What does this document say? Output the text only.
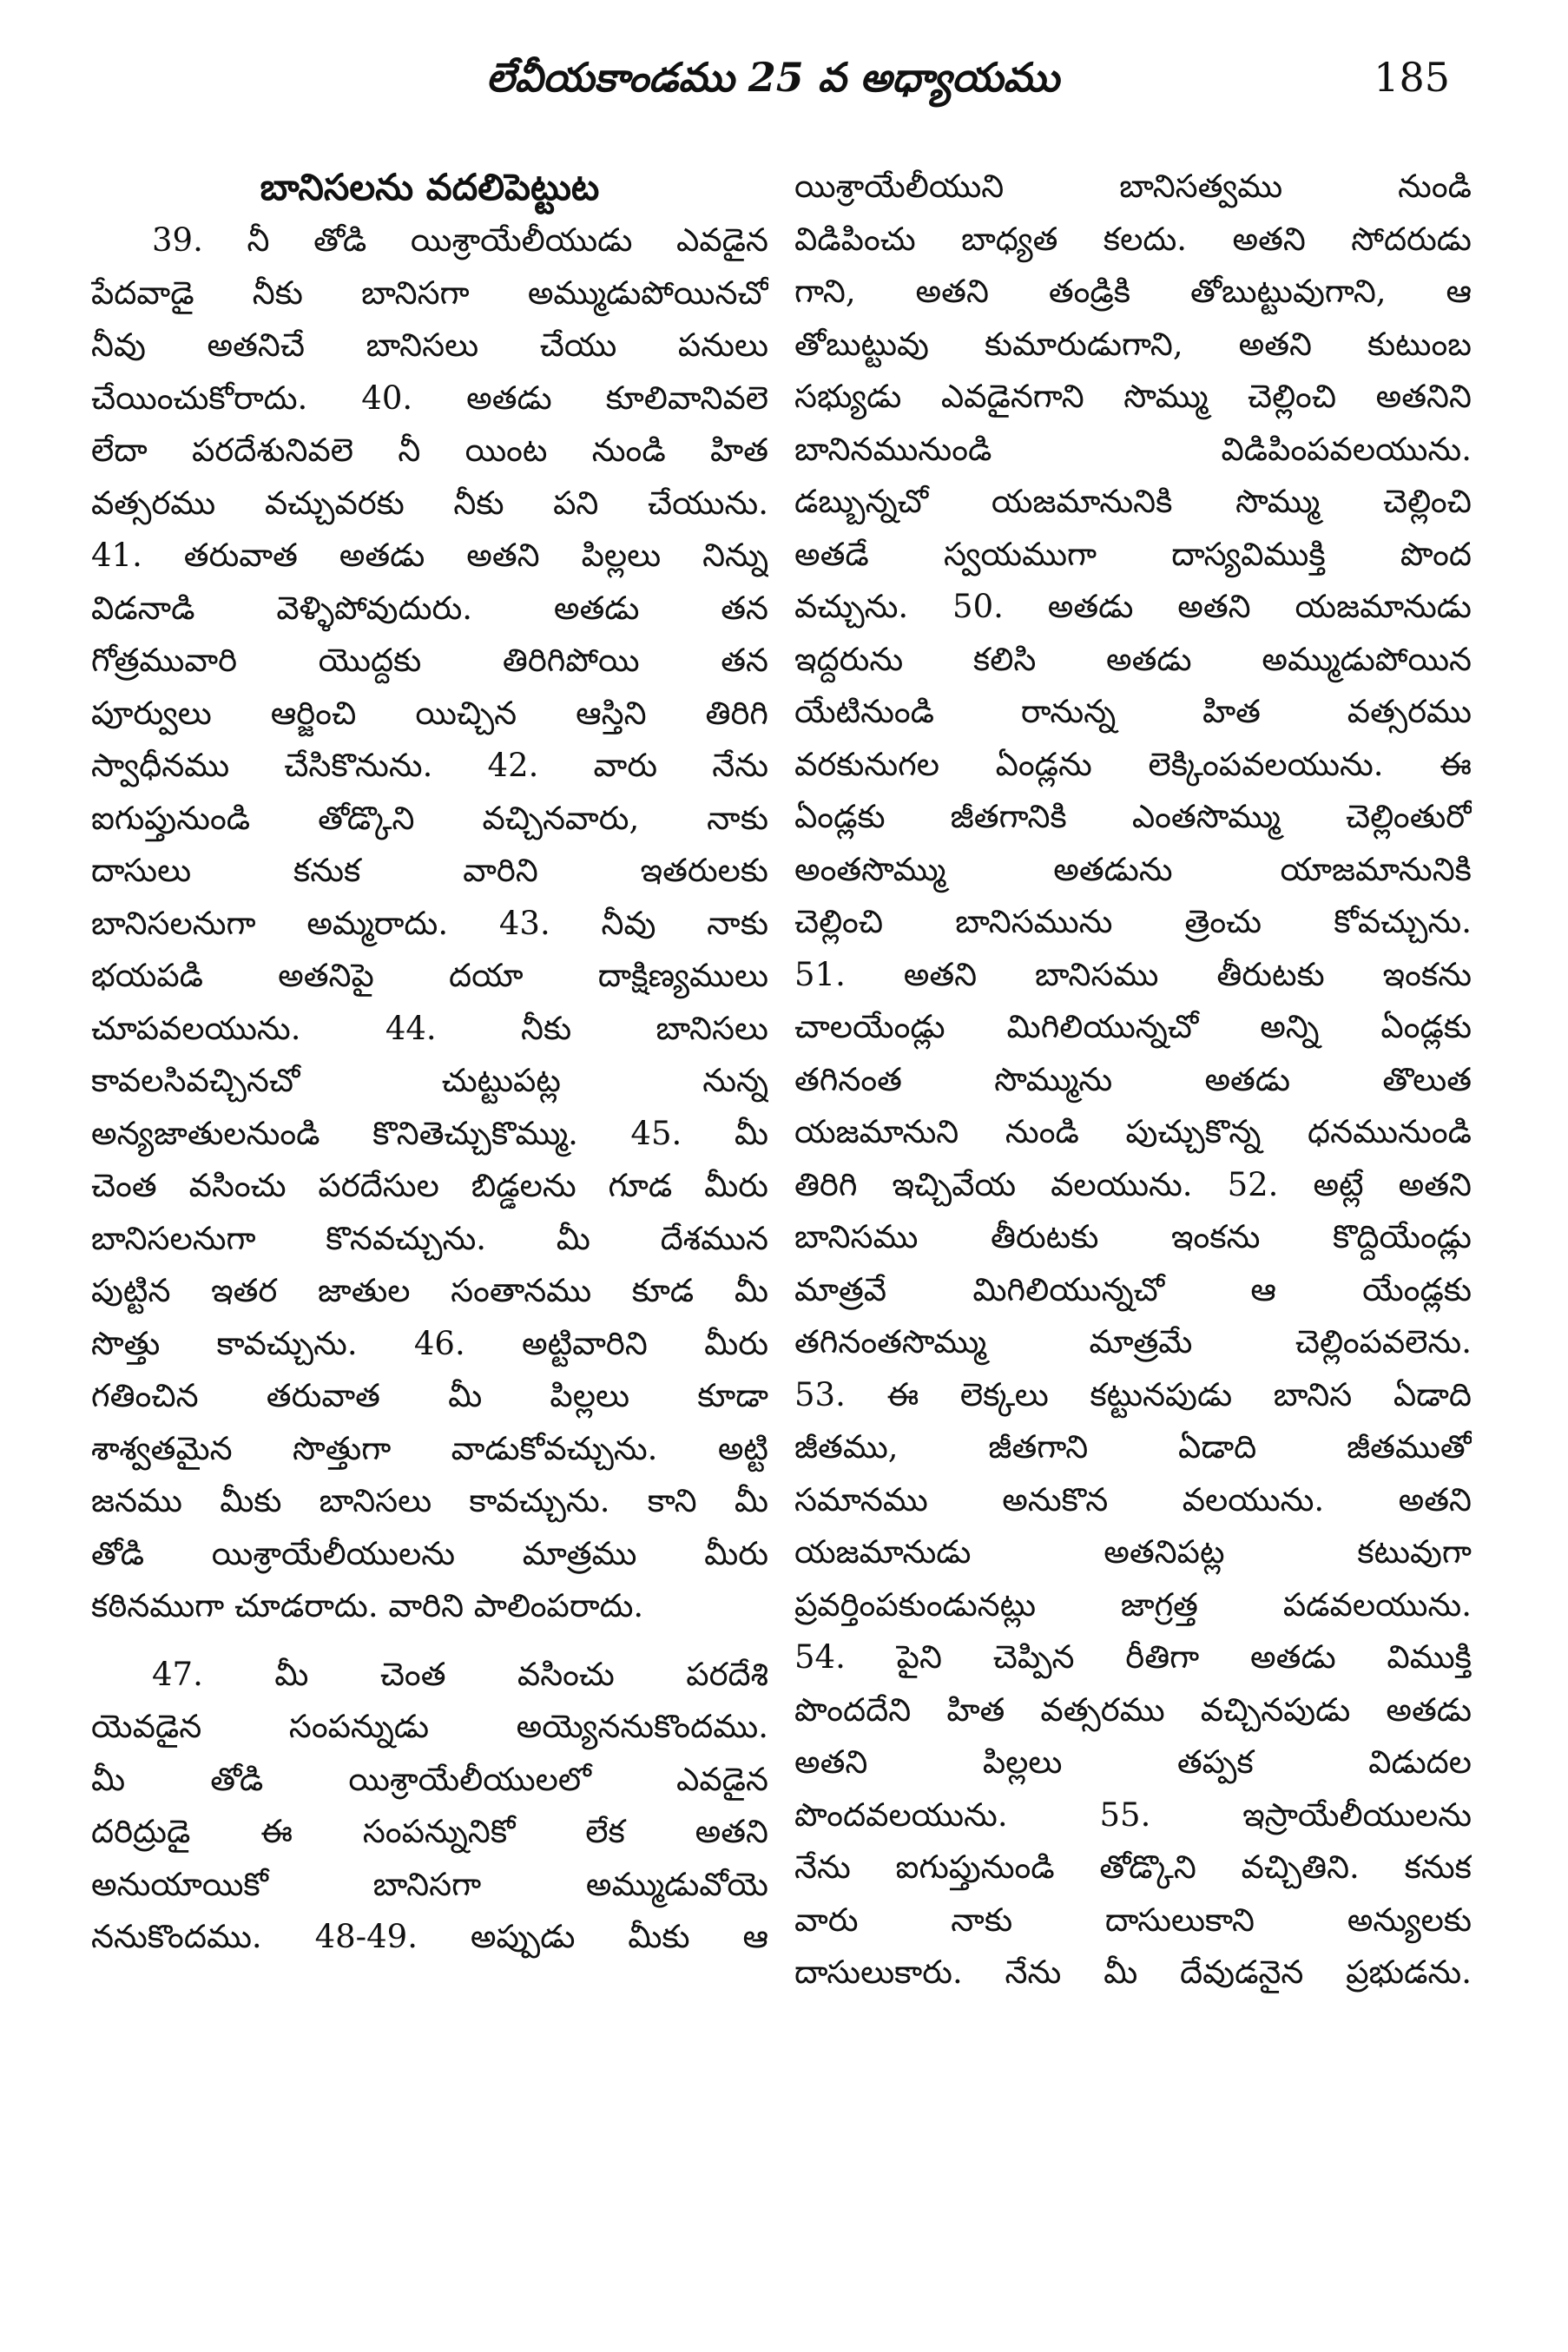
లేవీయకాండము 25 వ అధ్యాయము	185
బానిసలను వదలిపెట్టుట
39. నీ తోడి యిశ్రాయేలీయుడు ఎవడైన
పేదవాడై నీకు బానిసగా అమ్ముడుపోయినచో
నీవు అతనిచే బానిసలు చేయు పనులు
చేయించుకోరాదు. 40. అతడు కూలివానివలె
లేదా పరదేశునివలె నీ యింట నుండి హిత
వత్సరము వచ్చువరకు నీకు పని చేయును.
41. తరువాత అతడు అతని పిల్లలు నిన్ను
విడనాడి వెళ్ళిపోవుదురు. అతడు తన
గోత్రమువారి యొద్దకు తిరిగిపోయి తన
పూర్వులు ఆర్జించి యిచ్చిన ఆస్తిని తిరిగి
స్వాధీనము చేసికొనును. 42. వారు నేను
ఐగుప్తునుండి తోడ్కొని వచ్చినవారు, నాకు
దాసులు కనుక వారిని ఇతరులకు
బానిసలనుగా అమ్మరాదు. 43. నీవు నాకు
భయపడి అతనిపై దయా దాక్షిణ్యములు
చూపవలయును. 44. నీకు బానిసలు
కావలసివచ్చినచో చుట్టుపట్ల నున్న
అన్యజాతులనుండి కొనితెచ్చుకొమ్ము. 45. మీ
చెంత వసించు పరదేసుల బిడ్డలను గూడ మీరు
బానిసలనుగా కొనవచ్చును. మీ దేశమున
పుట్టిన ఇతర జాతుల సంతానము కూడ మీ
సొత్తు కావచ్చును. 46. అట్టివారిని మీరు
గతించిన తరువాత మీ పిల్లలు కూడా
శాశ్వతమైన సొత్తుగా వాడుకోవచ్చును. అట్టి
జనము మీకు బానిసలు కావచ్చును. కాని మీ
తోడి యిశ్రాయేలీయులను మాత్రము మీరు
కఠినముగా చూడరాదు. వారిని పాలింపరాదు.
47. మీ చెంత వసించు పరదేశి
యెవడైన సంపన్నుడు అయ్యెననుకొందము.
మీ తోడి యిశ్రాయేలీయులలో ఎవడైన
దరిద్రుడై ఈ సంపన్నునికో లేక అతని
అనుయాయికో బానిసగా అమ్ముడువోయె
ననుకొందము. 48-49. అప్పుడు మీకు ఆ
యిశ్రాయేలీయుని బానిసత్వము నుండి
విడిపించు బాధ్యత కలదు. అతని సోదరుడు
గాని, అతని తండ్రికి తోబుట్టువుగాని, ఆ
తోబుట్టువు కుమారుడుగాని, అతని కుటుంబ
సభ్యుడు ఎవడైనగాని సొమ్ము చెల్లించి అతనిని
బానినమునుండి విడిపింపవలయును.
డబ్బున్నచో యజమానునికి సొమ్ము చెల్లించి
అతడే స్వయముగా దాస్యవిముక్తి పొంద
వచ్చును. 50. అతడు అతని యజమానుడు
ఇద్దరును కలిసి అతడు అమ్ముడుపోయిన
యేటినుండి రానున్న హిత వత్సరము
వరకునుగల ఏండ్లను లెక్కింపవలయును. ఈ
ఏండ్లకు జీతగానికి ఎంతసొమ్ము చెల్లింతురో
అంతసొమ్ము అతడును యాజమానునికి
చెల్లించి బానిసమును త్రెంచు కోవచ్చును.
51. అతని బానిసము తీరుటకు ఇంకను
చాలయేండ్లు మిగిలియున్నచో అన్ని ఏండ్లకు
తగినంత సొమ్మును అతడు తొలుత
యజమానుని నుండి పుచ్చుకొన్న ధనమునుండి
తిరిగి ఇచ్చివేయ వలయును. 52. అట్లే అతని
బానిసము తీరుటకు ఇంకను కొద్దియేండ్లు
మాత్రవే మిగిలియున్నచో ఆ యేండ్లకు
తగినంతసొమ్ము మాత్రమే చెల్లింపవలెను.
53. ఈ లెక్కలు కట్టునపుడు బానిస ఏడాది
జీతము, జీతగాని ఏడాది జీతముతో
సమానము అనుకొన వలయును. అతని
యజమానుడు అతనిపట్ల కటువుగా
ప్రవర్తింపకుండునట్లు జాగ్రత్త పడవలయును.
54. పైని చెప్పిన రీతిగా అతడు విముక్తి
పొందదేని హిత వత్సరము వచ్చినపుడు అతడు
అతని పిల్లలు తప్పక విడుదల
పొందవలయును. 55. ఇస్రాయేలీయులను
నేను ఐగుప్తునుండి తోడ్కొని వచ్చితిని. కనుక
వారు నాకు దాసులుకాని అన్యులకు
దాసులుకారు. నేను మీ దేవుడనైన ప్రభుడను.
